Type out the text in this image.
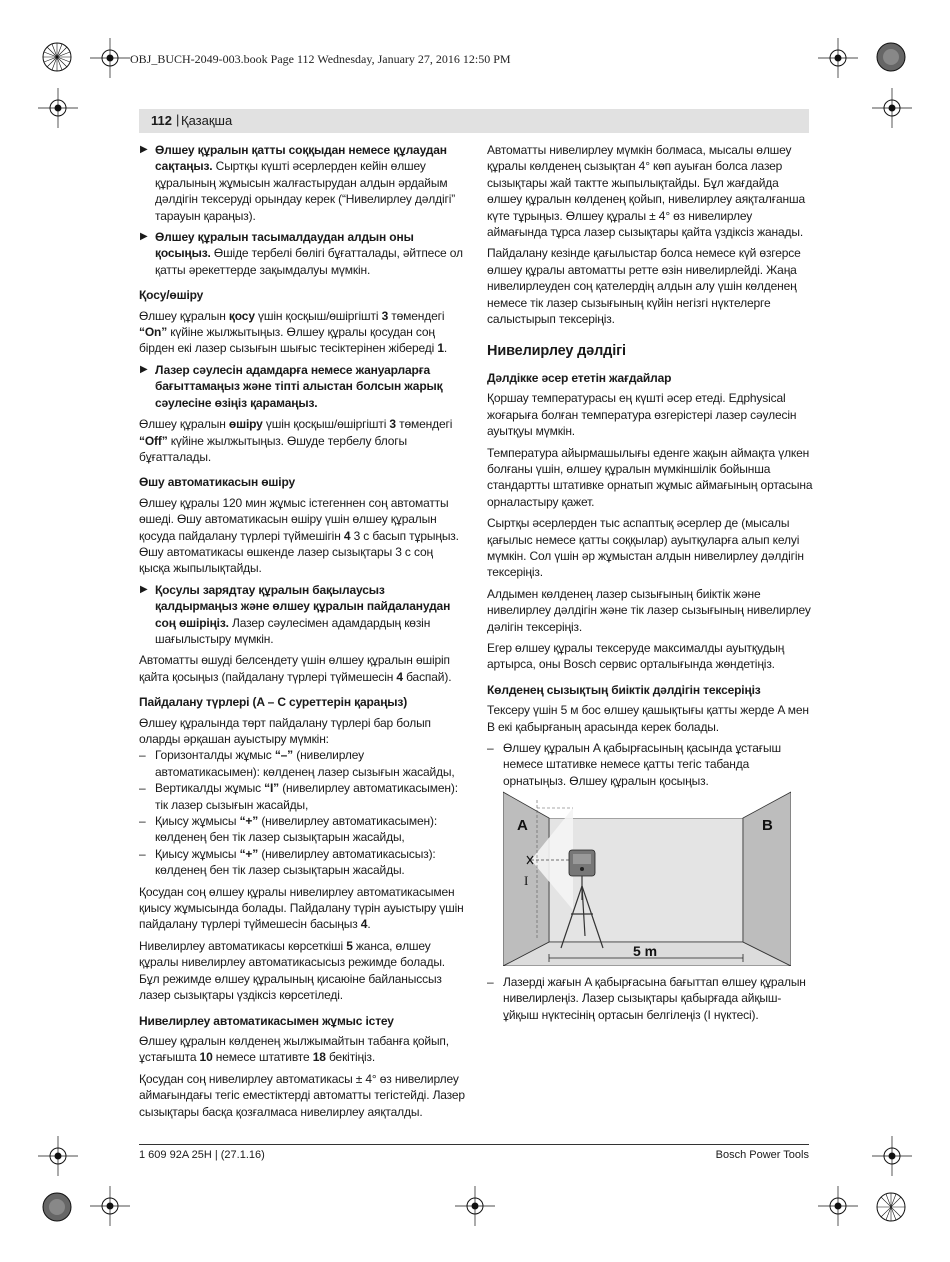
OBJ_BUCH-2049-003.book Page 112 Wednesday, January 27, 2016 12:50 PM
112 | Қазақша
▶ Өлшеу құралын қатты соққыдан немесе құлаудан сақтаңыз. Сыртқы күшті әсерлерден кейін өлшеу құралының жұмысын жалғастырудан алдын әрдайым дәлдігін тексеруді орындау керек (“Нивелирлеу дәлдігі” тарауын қараңыз).
▶ Өлшеу құралын тасымалдаудан алдын оны қосыңыз. Өшіде тербелі бөлігі бұғатталады, әйтпесе ол қатты әрекеттерде зақымдалуы мүмкін.
Қосу/өшіру

Өлшеу құралын қосу үшін қосқыш/өшіргішті 3 төмендегі “On” күйіне жылжытыңыз. Өлшеу құралы қосудан соң бірден екі лазер сызығын шығыс тесіктерінен жібереді 1.

▶ Лазер сәулесін адамдарға немесе жануарларға бағыттамаңыз және тіпті алыстан болсын жарық сәулесіне өзіңіз қарамаңыз.

Өлшеу құралын өшіру үшін қосқыш/өшіргішті 3 төмендегі “Off” күйіне жылжытыңыз. Өшуде тербелу блогы бұғатталады.

Өшу автоматикасын өшіру

Өлшеу құралы 120 мин жұмыс істегеннен соң автоматты өшеді. Өшу автоматикасын өшіру үшін өлшеу құралын қосуда пайдалану түрлері түймешігін 4 3 с басып тұрыңыз. Өшу автоматикасы өшкенде лазер сызықтары 3 с соң қысқа жыпылықтайды.

▶ Қосулы зарядтау құралын бақылаусыз қалдырмаңыз және өлшеу құралын пайдаланудан соң өшіріңіз. Лазер сәулесімен адамдардың көзін шағылыстыру мүмкін.

Автоматты өшуді белсендету үшін өлшеу құралын өшіріп қайта қосыңыз (пайдалану түрлері түймешесін 4 баспай).

Пайдалану түрлері (A – C суреттерін қараңыз)

Өлшеу құралында төрт пайдалану түрлері бар болып оларды әрқашан ауыстыру мүмкін:

– Горизонталды жұмыс “–” (нивелирлеу автоматикасымен): көлденең лазер сызығын жасайды,
– Вертикалды жұмыс “I” (нивелирлеу автоматикасымен): тік лазер сызығын жасайды,
– Қиысу жұмысы “+” (нивелирлеу автоматикасымен): көлденең бен тік лазер сызықтарын жасайды,
– Қиысу жұмысы “+” (нивелирлеу автоматикасысыз): көлденең бен тік лазер сызықтарын жасайды.

Қосудан соң өлшеу құралы нивелирлеу автоматикасымен қиысу жұмысында болады. Пайдалану түрін ауыстыру үшін пайдалану түрлері түймешесін басыңыз 4.

Нивелирлеу автоматикасы көрсеткіші 5 жанса, өлшеу құралы нивелирлеу автоматикасысыз режимде болады. Бұл режимде өлшеу құралының қисаюіне байланыссыз лазер сызықтары үздіксіз көрсетіледі.

Нивелирлеу автоматикасымен жұмыс істеу

Өлшеу құралын көлденең жылжымайтын табанға қойып, ұстағышта 10 немесе штативте 18 бекітіңіз.

Қосудан соң нивелирлеу автоматикасы ± 4° өз нивелирлеу аймағындағы тегіс еместіктерді автоматты тегістейді. Лазер сызықтары басқа қозғалмаса нивелирлеу аяқталды.

Автоматты нивелирлеу мүмкін болмаса, мысалы өлшеу құралы көлденең сызықтан 4° көп ауыған болса лазер сызықтары жай тактте жыпылықтайды. Бұл жағдайда өлшеу құралын көлденең қойып, нивелирлеу аяқталғанша күте тұрыңыз. Өлшеу құралы ± 4° өз нивелирлеу аймағында тұрса лазер сызықтары қайта үздіксіз жанады.

Пайдалану кезінде қағылыстар болса немесе күй өзгерсе өлшеу құралы автоматты ретте өзін нивелирлейді. Жаңа нивелирлеуден соң қателердің алдын алу үшін көлденең немесе тік лазер сызығының күйін негізгі нүктелерге салыстырып тексеріңіз.

Нивелирлеу дәлдігі
Дәлдікке әсер ететін жағдайлар

Қоршау температурасы ең күшті әсер етеді. Едphysical жоғарыға болған температура өзгерістері лазер сәулесін ауытқуы мүмкін.

Температура айырмашылығы еденге жақын аймақта үлкен болғаны үшін, өлшеу құралын мүмкіншілік бойынша стандартты штативке орнатып жұмыс аймағының ортасына орналастыру қажет.

Сыртқы әсерлерден тыс аспаптық әсерлер де (мысалы қағылыс немесе қатты соққылар) ауытқуларға алып келуі мүмкін. Сол үшін әр жұмыстан алдын нивелирлеу дәлдігін тексеріңіз.

Алдымен көлденең лазер сызығының биіктік және нивелирлеу дәлдігін және тік лазер сызығының нивелирлеу дәлігін тексеріңіз.

Егер өлшеу құралы тексеруде максималды ауытқудың артырса, оны Bosch сервис орталығында жөндетіңіз.

Көлденең сызықтың биіктік дәлдігін тексеріңіз

Тексеру үшін 5 м бос өлшеу қашықтығы қатты жерде A мен B екі қабырғаның арасында керек болады.

– Өлшеу құралын A қабырғасының қасында ұстағыш немесе штативке немесе қатты тегіс табанда орнатыңыз. Өлшеу құралын қосыңыз.
5 m
A	B
I
– Лазерді жағын A қабырғасына бағыттап өлшеу құралын нивелирлеңіз. Лазер сызықтары қабырғада айқыш-ұйқыш нүктесінің ортасын белгілеңіз (I нүктесі).
1 609 92A 25H | (27.1.16)	Bosch Power Tools
